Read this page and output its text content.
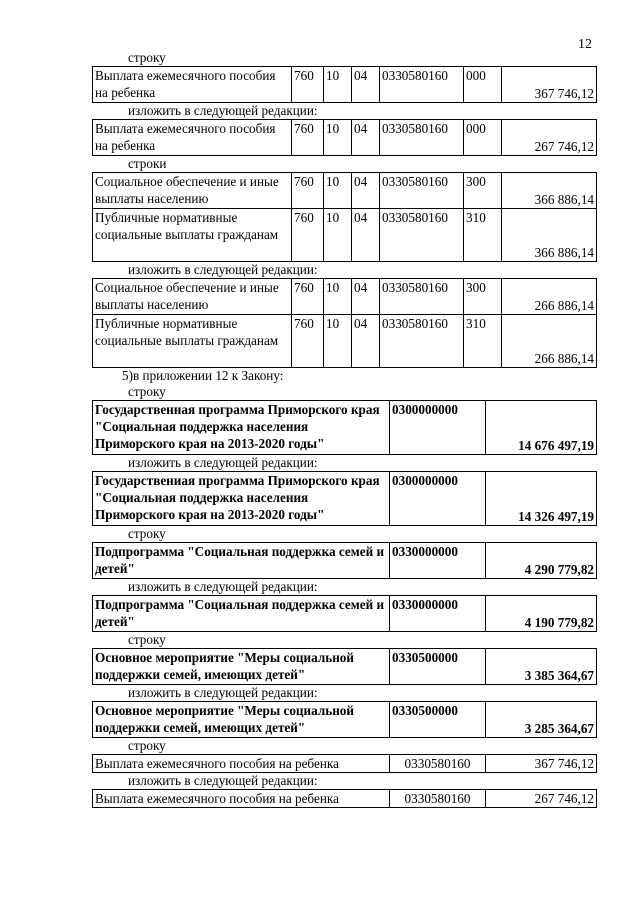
12
строку
Выплата ежемесячного пособия на ребенка	760	10	04	0330580160	000	367 746,12
изложить в следующей редакции:
Выплата ежемесячного пособия на ребенка	760	10	04	0330580160	000	267 746,12
строки
Социальное обеспечение и иные выплаты населению	760	10	04	0330580160	300	366 886,14
Публичные нормативные социальные выплаты гражданам	760	10	04	0330580160	310	366 886,14
изложить в следующей редакции:
Социальное обеспечение и иные выплаты населению	760	10	04	0330580160	300	266 886,14
Публичные нормативные социальные выплаты гражданам	760	10	04	0330580160	310	266 886,14
5)в приложении 12 к Закону:
строку
Государственная программа Приморского края "Социальная поддержка населения Приморского края на 2013-2020 годы"	0300000000	14 676 497,19
изложить в следующей редакции:
Государствениая программа Приморского края "Социальная поддержка населения Приморского края на 2013-2020 годы"	0300000000	14 326 497,19
строку
Подпрограмма "Социальная поддержка семей и детей"	0330000000	4 290 779,82
изложить в следующей редакции:
Подпрограмма "Социальная поддержка семей и детей"	0330000000	4 190 779,82
строку
Основное мероприятие "Меры социальной поддержки семей, имеющих детей"	0330500000	3 385 364,67
изложить в следующей редакции:
Основное мероприятие "Меры социальной поддержки семей, имеющих детей"	0330500000	3 285 364,67
строку
Выплата ежемесячного пособия на ребенка	0330580160	367 746,12
изложить в следующей редакции:
Выплата ежемесячного пособия на ребенка	0330580160	267 746,12
